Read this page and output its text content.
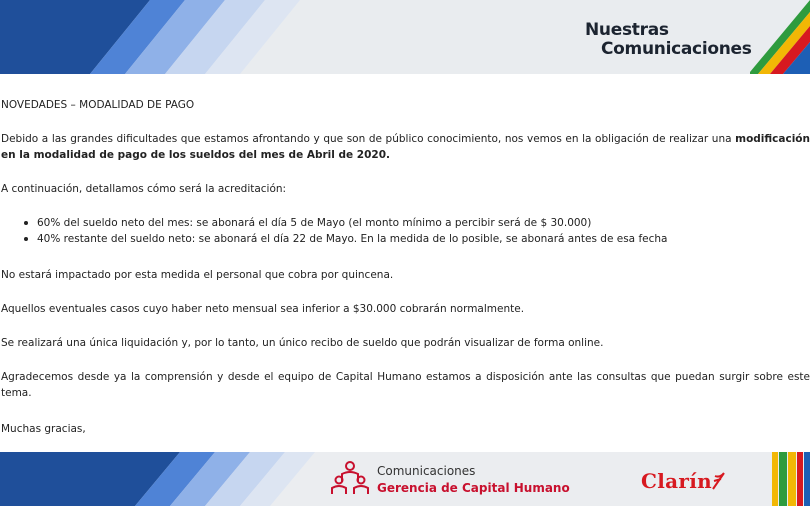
Nuestras
Comunicaciones

NOVEDADES – MODALIDAD DE PAGO

Debido a las grandes dificultades que estamos afrontando y que son de público conocimiento, nos vemos en la obligación de realizar una modificación en la modalidad de pago de los sueldos del mes de Abril de 2020.

A continuación, detallamos cómo será la acreditación:

60% del sueldo neto del mes: se abonará el día 5 de Mayo (el monto mínimo a percibir será de $ 30.000)
40% restante del sueldo neto: se abonará el día 22 de Mayo. En la medida de lo posible, se abonará antes de esa fecha

No estará impactado por esta medida el personal que cobra por quincena.

Aquellos eventuales casos cuyo haber neto mensual sea inferior a $30.000 cobrarán normalmente.

Se realizará una única liquidación y, por lo tanto, un único recibo de sueldo que podrán visualizar de forma online.

Agradecemos desde ya la comprensión y desde el equipo de Capital Humano estamos a disposición ante las consultas que puedan surgir sobre este tema.

Muchas gracias,

Comunicaciones
Gerencia de Capital Humano	Clarín
